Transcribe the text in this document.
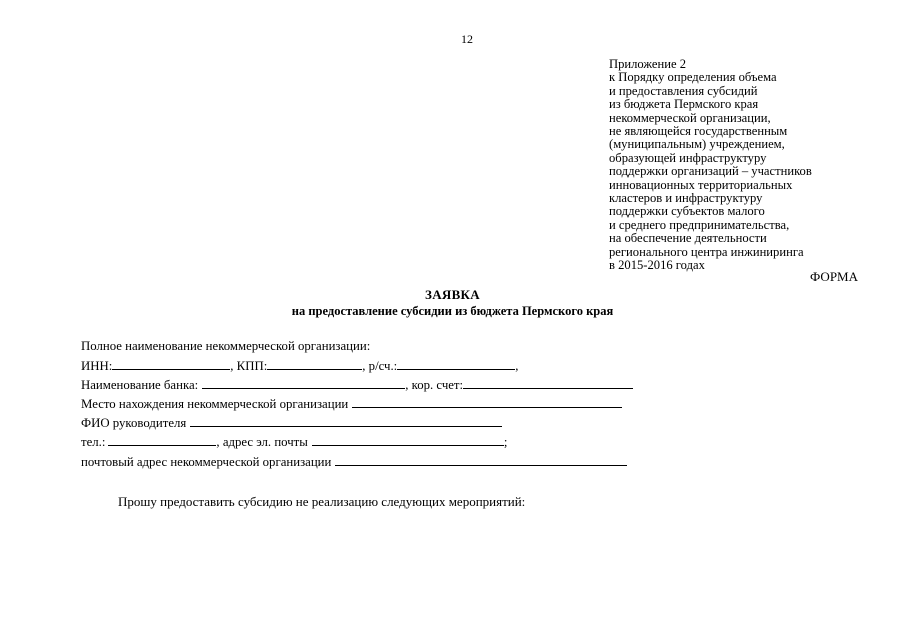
12
Приложение 2
к Порядку определения объема
и предоставления субсидий
из бюджета Пермского края
некоммерческой организации,
не являющейся государственным
(муниципальным) учреждением,
образующей инфраструктуру
поддержки организаций – участников
инновационных территориальных
кластеров и инфраструктуру
поддержки субъектов малого
и среднего предпринимательства,
на обеспечение деятельности
регионального центра инжиниринга
в 2015-2016 годах
ФОРМА
ЗАЯВКА
на предоставление субсидии из бюджета Пермского края
Полное наименование некоммерческой организации:
ИНН:	, КПП:	, р/сч.:	,
Наименование банка:	, кор. счет:
Место нахождения некоммерческой организации
ФИО руководителя
тел.:	, адрес эл. почты	;
почтовый адрес некоммерческой организации
Прошу предоставить субсидию не реализацию следующих мероприятий:
